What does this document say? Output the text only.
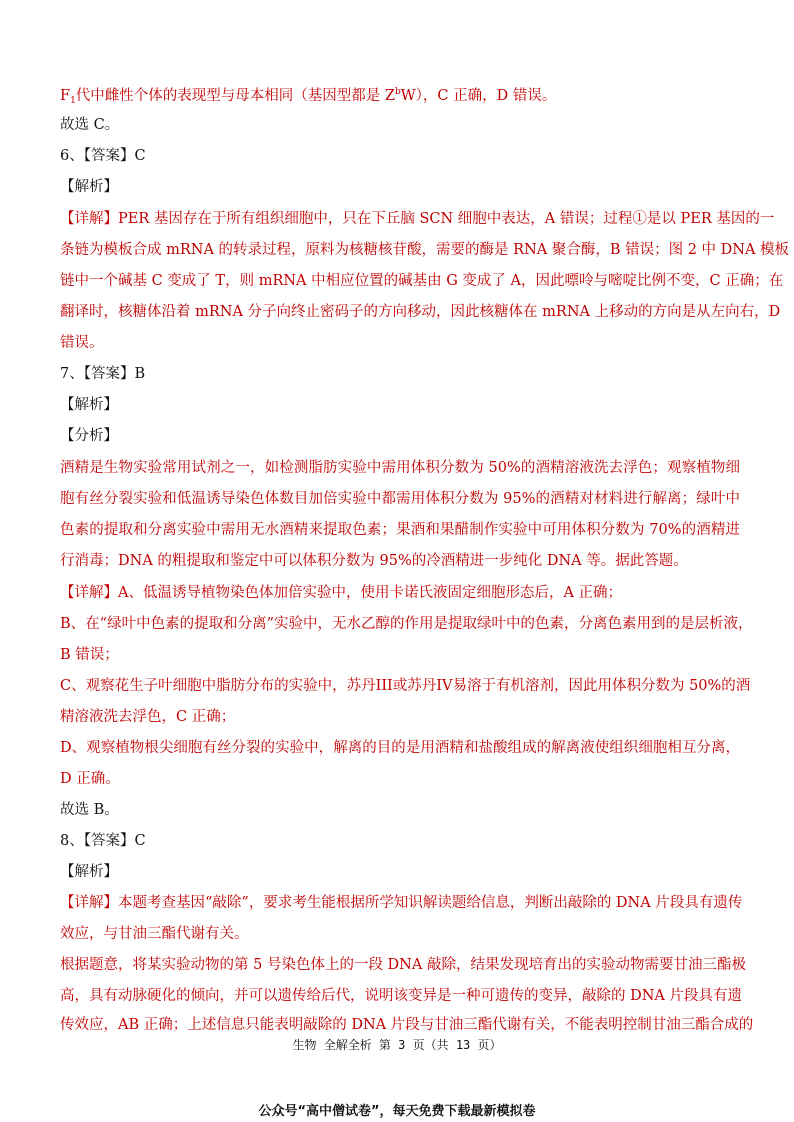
$F_1$代中雌性个体的表现型与母本相同（基因型都是 $Z^bW$），C 正确，D 错误。
故选 C。
6、【答案】C
【解析】
【详解】PER 基因存在于所有组织细胞中，只在下丘脑 SCN 细胞中表达，A 错误；过程①是以 PER 基因的一
条链为模板合成 mRNA 的转录过程，原料为核糖核苷酸，需要的酶是 RNA 聚合酶，B 错误；图 2 中 DNA 模板
链中一个碱基 C 变成了 T，则 mRNA 中相应位置的碱基由 G 变成了 A，因此嘌呤与嘧啶比例不变，C 正确；在
翻译时，核糖体沿着 mRNA 分子向终止密码子的方向移动，因此核糖体在 mRNA 上移动的方向是从左向右，D
错误。
7、【答案】B
【解析】
【分析】
酒精是生物实验常用试剂之一，如检测脂肪实验中需用体积分数为 50%的酒精溶液洗去浮色；观察植物细
胞有丝分裂实验和低温诱导染色体数目加倍实验中都需用体积分数为 95%的酒精对材料进行解离；绿叶中
色素的提取和分离实验中需用无水酒精来提取色素；果酒和果醋制作实验中可用体积分数为 70%的酒精进
行消毒；DNA 的粗提取和鉴定中可以体积分数为 95%的冷酒精进一步纯化 DNA 等。据此答题。
【详解】A、低温诱导植物染色体加倍实验中，使用卡诺氏液固定细胞形态后，A 正确；
B、在“绿叶中色素的提取和分离”实验中，无水乙醇的作用是提取绿叶中的色素，分离色素用到的是层析液，
B 错误；
C、观察花生子叶细胞中脂肪分布的实验中，苏丹III或苏丹IV易溶于有机溶剂，因此用体积分数为 50%的酒
精溶液洗去浮色，C 正确；
D、观察植物根尖细胞有丝分裂的实验中，解离的目的是用酒精和盐酸组成的解离液使组织细胞相互分离，
D 正确。
故选 B。
8、【答案】C
【解析】
【详解】本题考查基因“敲除”，要求考生能根据所学知识解读题给信息，判断出敲除的 DNA 片段具有遗传
效应，与甘油三酯代谢有关。
根据题意，将某实验动物的第 5 号染色体上的一段 DNA 敲除，结果发现培育出的实验动物需要甘油三酯极
高，具有动脉硬化的倾向，并可以遗传给后代，说明该变异是一种可遗传的变异，敲除的 DNA 片段具有遗
传效应，AB 正确；上述信息只能表明敲除的 DNA 片段与甘油三酯代谢有关，不能表明控制甘油三酯合成的
生物 全解全析 第 3 页（共 13 页）
公众号“高中僧试卷”，每天免费下载最新模拟卷
